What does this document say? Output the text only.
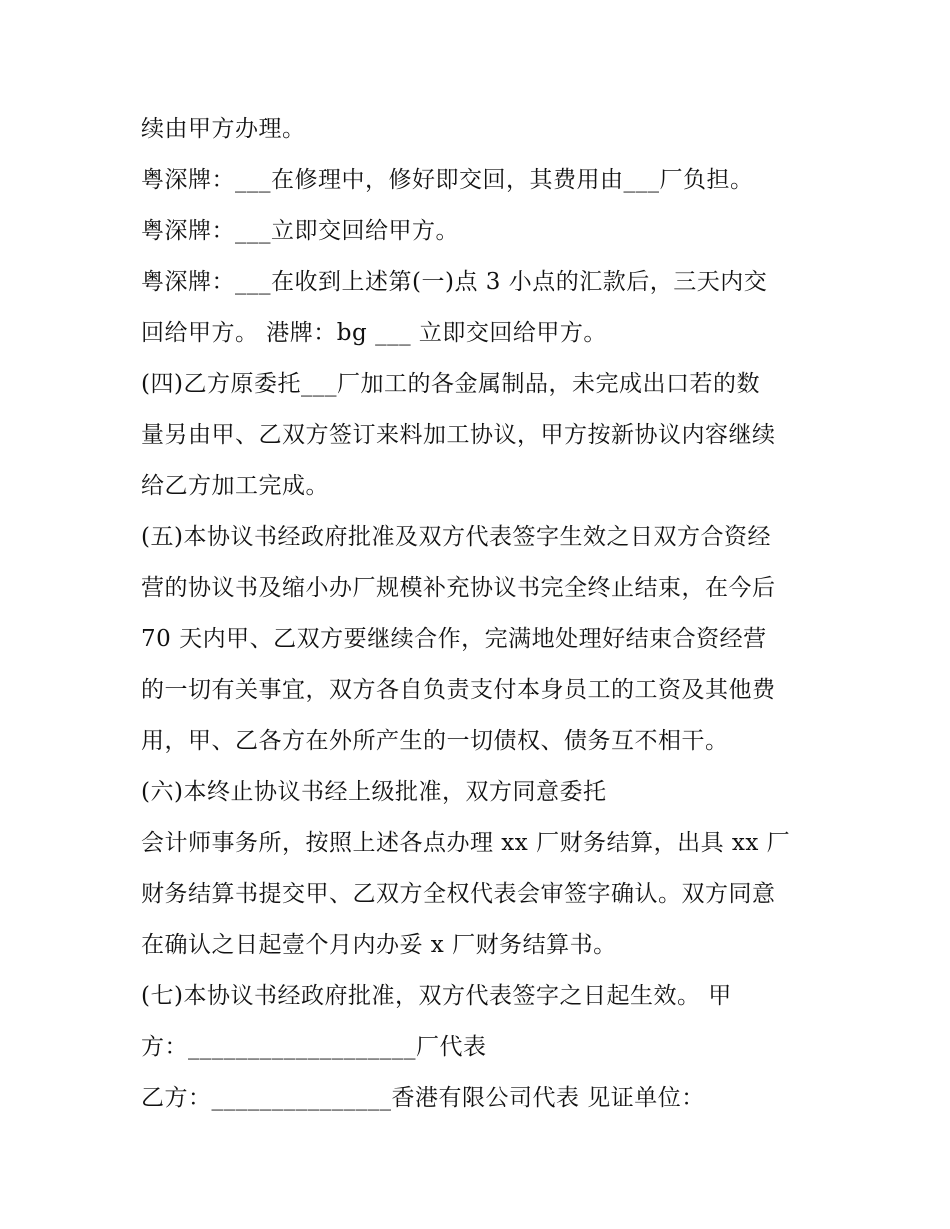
续由甲方办理。
粤深牌：___在修理中，修好即交回，其费用由___厂负担。
粤深牌：___立即交回给甲方。
粤深牌：___在收到上述第(一)点 3 小点的汇款后，三天内交
回给甲方。 港牌：bg ___ 立即交回给甲方。
(四)乙方原委托___厂加工的各金属制品，未完成出口若的数
量另由甲、乙双方签订来料加工协议，甲方按新协议内容继续
给乙方加工完成。
(五)本协议书经政府批准及双方代表签字生效之日双方合资经
营的协议书及缩小办厂规模补充协议书完全终止结束，在今后
70 天内甲、乙双方要继续合作，完满地处理好结束合资经营
的一切有关事宜，双方各自负责支付本身员工的工资及其他费
用，甲、乙各方在外所产生的一切债权、债务互不相干。
(六)本终止协议书经上级批准，双方同意委托
会计师事务所，按照上述各点办理 xx 厂财务结算，出具 xx 厂
财务结算书提交甲、乙双方全权代表会审签字确认。双方同意
在确认之日起壹个月内办妥 x 厂财务结算书。
(七)本协议书经政府批准，双方代表签字之日起生效。 甲
方：___________________厂代表
乙方：_______________香港有限公司代表 见证单位：
